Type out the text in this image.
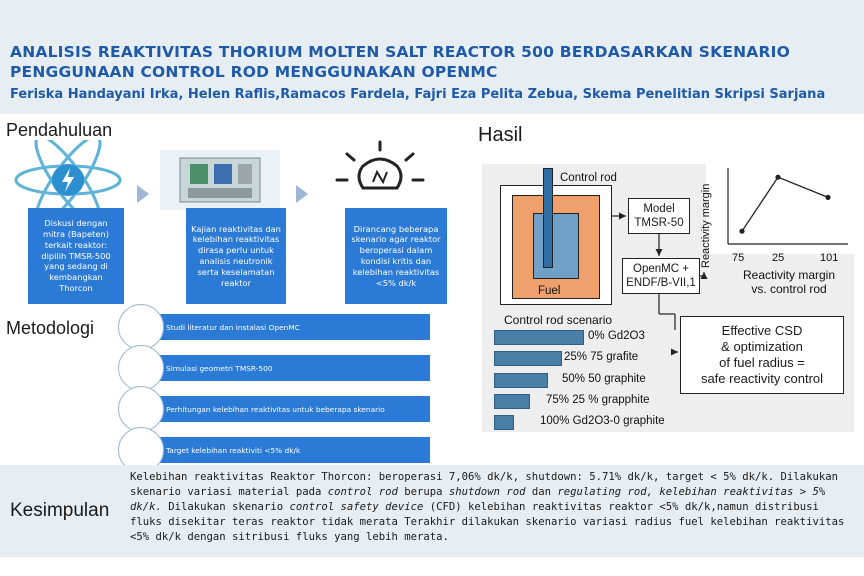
ANALISIS REAKTIVITAS THORIUM MOLTEN SALT REACTOR 500 BERDASARKAN SKENARIO PENGGUNAAN CONTROL ROD MENGGUNAKAN OPENMC
Feriska Handayani Irka, Helen Raflis,Ramacos Fardela, Fajri Eza Pelita Zebua, Skema Penelitian Skripsi Sarjana
Pendahuluan
Diskusi dengan mitra (Bapeten) terkait reaktor: dipilih TMSR-500 yang sedang di kembangkan Thorcon
Kajian reaktivitas dan kelebihan reaktivitas dirasa perlu untuk analisis neutronik serta keselamatan reaktor
Dirancang beberapa skenario agar reaktor beroperasi dalam kondisi kritis dan kelebihan reaktivitas <5% dk/k
Metodologi	Studi literatur dan instalasi OpenMC
Simulasi geometri TMSR-500
Perhitungan kelebihan reaktivitas untuk beberapa skenario
Target kelebihan reaktiviti <5% dk/k
Hasil
Control rod
Fuel
Model
TMSR-50
OpenMC +
ENDF/B-VII,1
Effective CSD
& optimization
of fuel radius =
safe reactivity control
Reactivity margin 75	25	101
Reactivity margin vs. control rod
Control rod scenario
0% Gd2O3
25% 75 grafite
50% 50 graphite
75% 25 % grapphite
100% Gd2O3-0 graphite
Kesimpulan
Kelebihan reaktivitas Reaktor Thorcon: beroperasi 7,06% dk/k, shutdown: 5.71% dk/k, target < 5% dk/k. Dilakukan skenario variasi material pada control rod berupa shutdown rod dan regulating rod, kelebihan reaktivitas > 5% dk/k. Dilakukan skenario control safety device (CFD) kelebihan reaktivitas reaktor <5% dk/k,namun distribusi fluks disekitar teras reaktor tidak merata Terakhir dilakukan skenario variasi radius fuel kelebihan reaktivitas <5% dk/k dengan sitribusi fluks yang lebih merata.
